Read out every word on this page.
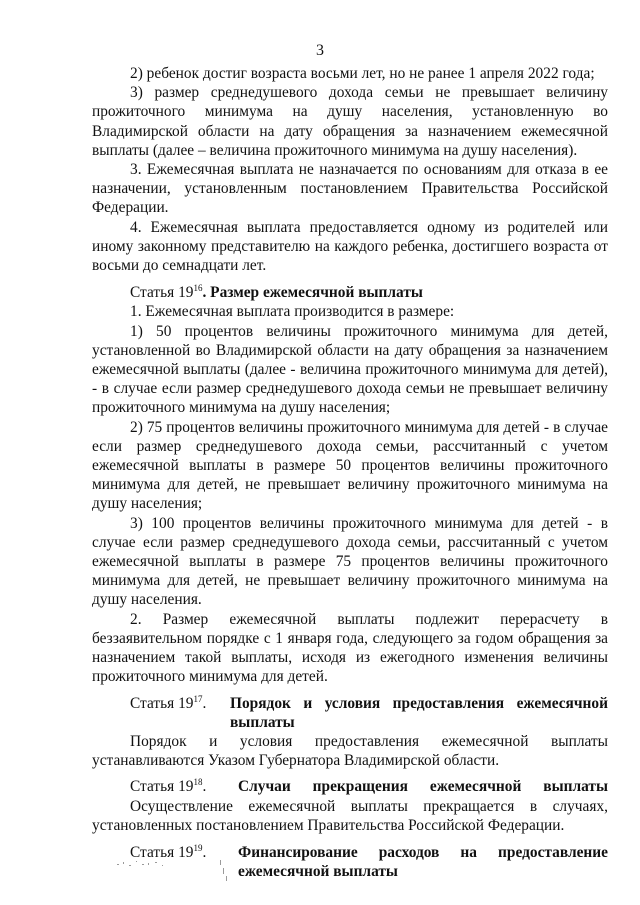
3

2) ребенок достиг возраста восьми лет, но не ранее 1 апреля 2022 года;

3) размер среднедушевого дохода семьи не превышает величину прожиточного минимума на душу населения, установленную во Владимирской области на дату обращения за назначением ежемесячной выплаты (далее – величина прожиточного минимума на душу населения).

3. Ежемесячная выплата не назначается по основаниям для отказа в ее назначении, установленным постановлением Правительства Российской Федерации.

4. Ежемесячная выплата предоставляется одному из родителей или иному законному представителю на каждого ребенка, достигшего возраста от восьми до семнадцати лет.

Статья $19^{16}$. Размер ежемесячной выплаты

1. Ежемесячная выплата производится в размере:

1) 50 процентов величины прожиточного минимума для детей, установленной во Владимирской области на дату обращения за назначением ежемесячной выплаты (далее - величина прожиточного минимума для детей), - в случае если размер среднедушевого дохода семьи не превышает величину прожиточного минимума на душу населения;

2) 75 процентов величины прожиточного минимума для детей - в случае если размер среднедушевого дохода семьи, рассчитанный с учетом ежемесячной выплаты в размере 50 процентов величины прожиточного минимума для детей, не превышает величину прожиточного минимума на душу населения;

3) 100 процентов величины прожиточного минимума для детей - в случае если размер среднедушевого дохода семьи, рассчитанный с учетом ежемесячной выплаты в размере 75 процентов величины прожиточного минимума для детей, не превышает величину прожиточного минимума на душу населения.

2. Размер ежемесячной выплаты подлежит перерасчету в беззаявительном порядке с 1 января года, следующего за годом обращения за назначением такой выплаты, исходя из ежегодного изменения величины прожиточного минимума для детей.

Статья $19^{17}$.	Порядок и условия предоставления ежемесячной
выплаты

Порядок и условия предоставления ежемесячной выплаты устанавливаются Указом Губернатора Владимирской области.

Статья $19^{18}$.	Случаи прекращения ежемесячной выплаты

Осуществление ежемесячной выплаты прекращается в случаях, установленных постановлением Правительства Российской Федерации.

Статья $19^{19}$.	Финансирование расходов на предоставление
ежемесячной выплаты
